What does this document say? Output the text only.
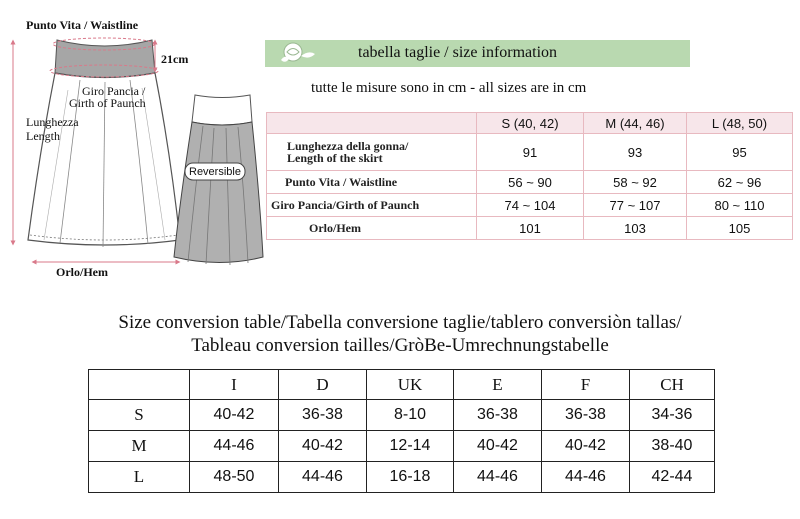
Punto Vita / Waistline
21cm
Giro Pancia /
Girth of Paunch
Lunghezza
Length
Orlo/Hem
Reversible
tabella taglie / size information
tutte le misure sono in cm - all sizes are in cm
	S (40, 42)	M (44, 46)	L (48, 50)

Lunghezza della gonna/
Length of the skirt	91	93	95

Punto Vita / Waistline	56 ~ 90	58 ~ 92	62 ~ 96

Giro Pancia/Girth of Paunch	74 ~ 104	77 ~ 107	80 ~ 110

Orlo/Hem	101	103	105
Size conversion table/Tabella conversione taglie/tablero conversiòn tallas/
Tableau conversion tailles/GròBe-Umrechnungstabelle
	I	D	UK	E	F	CH
S	40-42	36-38	8-10	36-38	36-38	34-36
M	44-46	40-42	12-14	40-42	40-42	38-40
L	48-50	44-46	16-18	44-46	44-46	42-44
